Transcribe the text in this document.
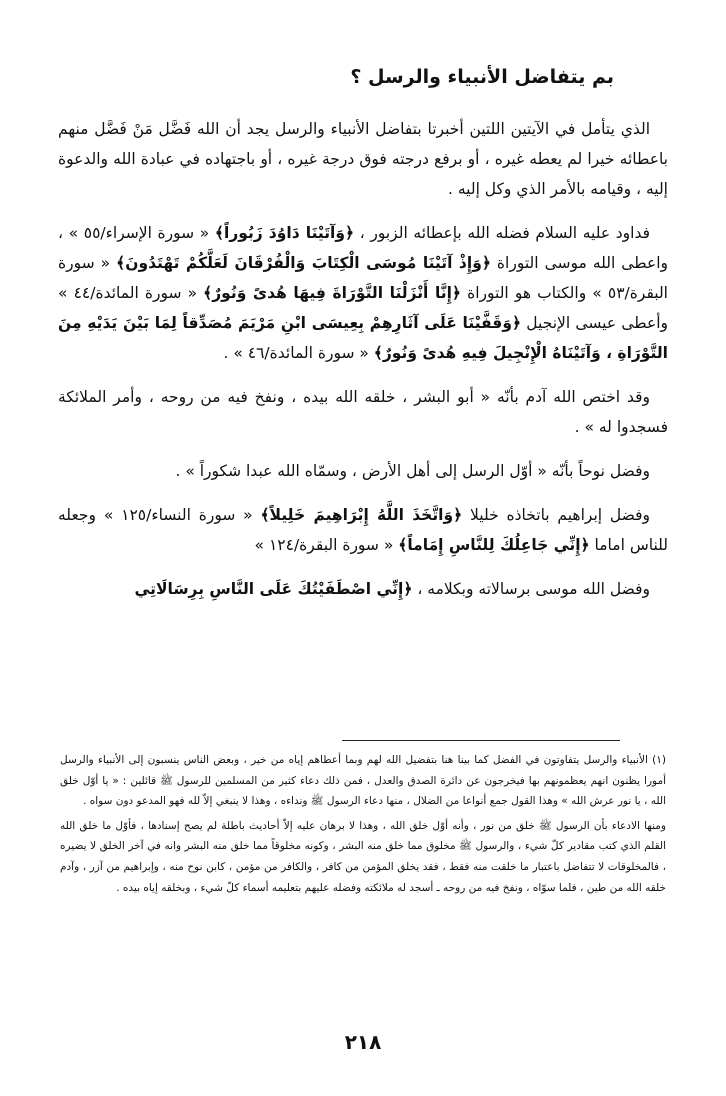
بم يتفاضل الأنبياء والرسل ؟

الذي يتأمل في الآيتين اللتين أخبرتا بتفاضل الأنبياء والرسل يجد أن الله فَضَّل مَنْ فَضَّل منهم باعطائه خيرا لم يعطه غيره ، أو برفع درجته فوق درجة غيره ، أو باجتهاده في عبادة الله والدعوة إليه ، وقيامه بالأمر الذي وكل إليه .

فداود عليه السلام فضله الله بإعطائه الزبور ، ﴿وَآتَيْنَا دَاوُدَ زَبُوراً﴾ « سورة الإسراء/٥٥ » ، واعطى الله موسى التوراة ﴿وَإِذْ آتَيْنَا مُوسَى الْكِتَابَ وَالْفُرْقَانَ لَعَلَّكُمْ تَهْتَدُونَ﴾ « سورة البقرة/٥٣ » والكتاب هو التوراة ﴿إِنَّا أَنْزَلْنَا التَّوْرَاةَ فِيهَا هُدىً وَنُورٌ﴾ « سورة المائدة/٤٤ » وأعطى عيسى الإنجيل ﴿وَقَفَّيْنَا عَلَى آثَارِهِمْ بِعِيسَى ابْنِ مَرْيَمَ مُصَدِّقاً لِمَا بَيْنَ يَدَيْهِ مِنَ التَّوْرَاةِ ، وَآتَيْنَاهُ الْإِنْجِيلَ فِيهِ هُدىً وَنُورٌ﴾ « سورة المائدة/٤٦ » .

وقد اختص الله آدم بأنّه « أبو البشر ، خلقه الله بيده ، ونفخ فيه من روحه ، وأمر الملائكة فسجدوا له » .

وفضل نوحاً بأنّه « أوّل الرسل إلى أهل الأرض ، وسمّاه الله عبدا شكوراً » .

وفضل إبراهيم باتخاذه خليلا ﴿وَاتَّخَذَ اللَّهُ إِبْرَاهِيمَ خَلِيلاً﴾ « سورة النساء/١٢٥ » وجعله للناس اماما ﴿إِنِّي جَاعِلُكَ لِلنَّاسِ إِمَاماً﴾ « سورة البقرة/١٢٤ »

وفضل الله موسى برسالاته وبكلامه ، ﴿إِنِّي اصْطَفَيْتُكَ عَلَى النَّاسِ بِرِسَالَاتِي

(١) الأنبياء والرسل يتفاوتون في الفضل كما بينا هنا بتفضيل الله لهم وبما أعطاهم إياه من خير ، وبعض الناس ينسبون إلى الأنبياء والرسل أمورا يظنون انهم يعظمونهم بها فيخرجون عن دائرة الصدق والعدل ، فمن ذلك دعاء كثير من المسلمين للرسول ﷺ قائلين : « يا أوّل خلق الله ، يا نور عرش الله » وهذا القول جمع أنواعا من الضلال ، منها دعاء الرسول ﷺ ونداءه ، وهذا لا ينبغي إلاّ لله فهو المدعو دون سواه .

ومنها الادعاء بأن الرسول ﷺ خلق من نور ، وأنه أوّل خلق الله ، وهذا لا برهان عليه إلاّ أحاديث باطلة لم يصح إسنادها ، فأوّل ما خلق الله القلم الذي كتب مقادير كلّ شيء ، والرسول ﷺ مخلوق مما خلق منه البشر ، وكونه مخلوقاً مما خلق منه البشر وانه في آخر الخلق لا يضيره ، فالمخلوقات لا تتفاضل باعتبار ما خلقت منه فقط ، فقد يخلق المؤمن من كافر ، والكافر من مؤمن ، كابن نوح منه ، وإبراهيم من آزر ، وآدم خلقه الله من طين ، فلما سوّاه ، ونفخ فيه من روحه ـ أسجد له ملائكته وفضله عليهم بتعليمه أسماء كلّ شيء ، وبخلقه إياه بيده .

٢١٨
